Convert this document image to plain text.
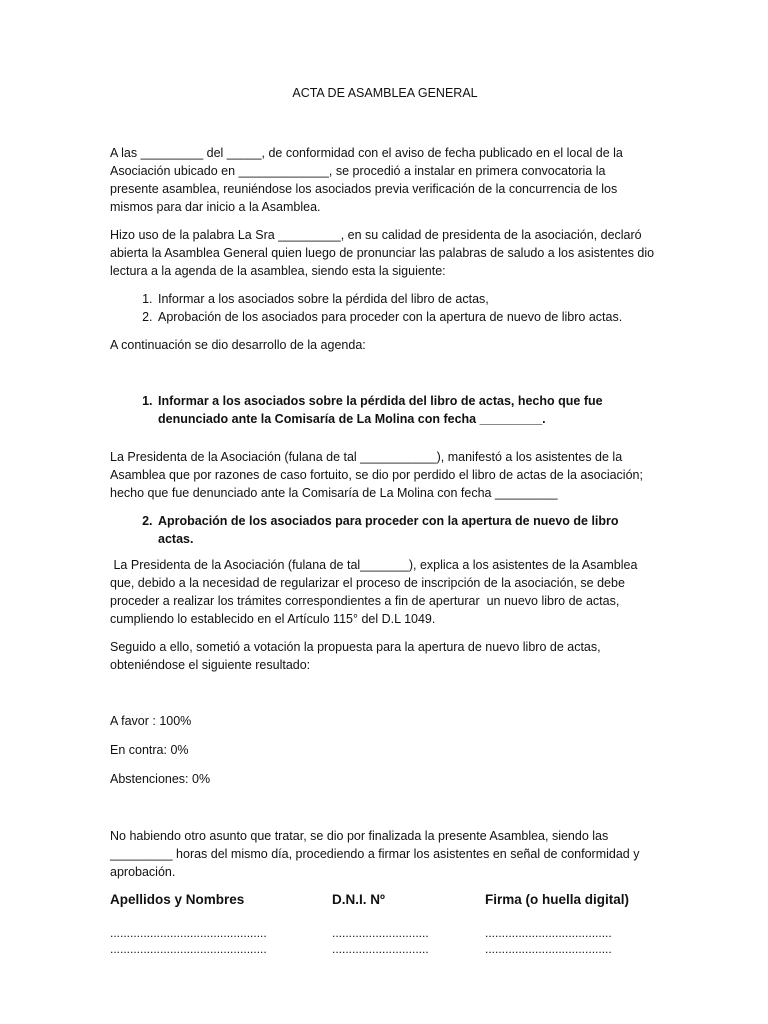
ACTA DE ASAMBLEA GENERAL

A las _________ del _____, de conformidad con el aviso de fecha publicado en el local de la Asociación ubicado en _____________, se procedió a instalar en primera convocatoria la presente asamblea, reuniéndose los asociados previa verificación de la concurrencia de los mismos para dar inicio a la Asamblea.

Hizo uso de la palabra La Sra _________, en su calidad de presidenta de la asociación, declaró abierta la Asamblea General quien luego de pronunciar las palabras de saludo a los asistentes dio lectura a la agenda de la asamblea, siendo esta la siguiente:

1. Informar a los asociados sobre la pérdida del libro de actas,
2. Aprobación de los asociados para proceder con la apertura de nuevo de libro actas.

A continuación se dio desarrollo de la agenda:

1. Informar a los asociados sobre la pérdida del libro de actas, hecho que fue denunciado ante la Comisaría de La Molina con fecha _________.

La Presidenta de la Asociación (fulana de tal ___________), manifestó a los asistentes de la Asamblea que por razones de caso fortuito, se dio por perdido el libro de actas de la asociación; hecho que fue denunciado ante la Comisaría de La Molina con fecha _________

2. Aprobación de los asociados para proceder con la apertura de nuevo de libro actas.

La Presidenta de la Asociación (fulana de tal_______), explica a los asistentes de la Asamblea que, debido a la necesidad de regularizar el proceso de inscripción de la asociación, se debe proceder a realizar los trámites correspondientes a fin de aperturar  un nuevo libro de actas, cumpliendo lo establecido en el Artículo 115° del D.L 1049.

Seguido a ello, sometió a votación la propuesta para la apertura de nuevo libro de actas, obteniéndose el siguiente resultado:

A favor : 100%

En contra: 0%

Abstenciones: 0%

No habiendo otro asunto que tratar, se dio por finalizada la presente Asamblea, siendo las _________ horas del mismo día, procediendo a firmar los asistentes en señal de conformidad y aprobación.

Apellidos y Nombres	D.N.I. Nº	Firma (o huella digital)
...............................................	.............................	......................................
...............................................	.............................	......................................
